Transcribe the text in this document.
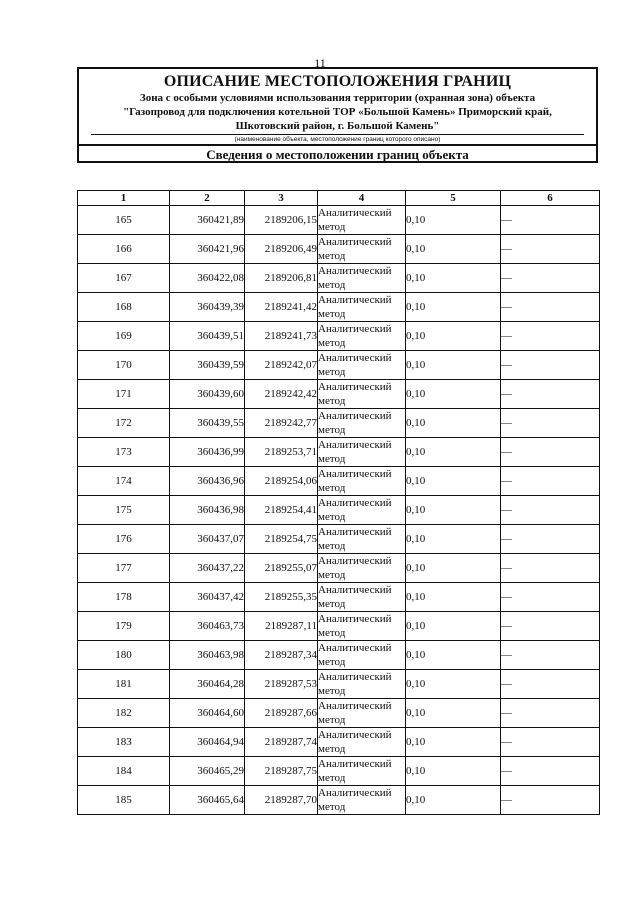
11
ОПИСАНИЕ МЕСТОПОЛОЖЕНИЯ ГРАНИЦ
Зона с особыми условиями использования территории (охранная зона) объекта
"Газопровод для подключения котельной ТОР «Большой Камень» Приморский край,
Шкотовский район, г. Большой Камень"
(наименование объекта, местоположение границ которого описано)
Сведения о местоположении границ объекта
1	2	3	4	5	6
165	360421,89	2189206,15	Аналитический метод	0,10	—
166	360421,96	2189206,49	Аналитический метод	0,10	—
167	360422,08	2189206,81	Аналитический метод	0,10	—
168	360439,39	2189241,42	Аналитический метод	0,10	—
169	360439,51	2189241,73	Аналитический метод	0,10	—
170	360439,59	2189242,07	Аналитический метод	0,10	—
171	360439,60	2189242,42	Аналитический метод	0,10	—
172	360439,55	2189242,77	Аналитический метод	0,10	—
173	360436,99	2189253,71	Аналитический метод	0,10	—
174	360436,96	2189254,06	Аналитический метод	0,10	—
175	360436,98	2189254,41	Аналитический метод	0,10	—
176	360437,07	2189254,75	Аналитический метод	0,10	—
177	360437,22	2189255,07	Аналитический метод	0,10	—
178	360437,42	2189255,35	Аналитический метод	0,10	—
179	360463,73	2189287,11	Аналитический метод	0,10	—
180	360463,98	2189287,34	Аналитический метод	0,10	—
181	360464,28	2189287,53	Аналитический метод	0,10	—
182	360464,60	2189287,66	Аналитический метод	0,10	—
183	360464,94	2189287,74	Аналитический метод	0,10	—
184	360465,29	2189287,75	Аналитический метод	0,10	—
185	360465,64	2189287,70	Аналитический метод	0,10	—
